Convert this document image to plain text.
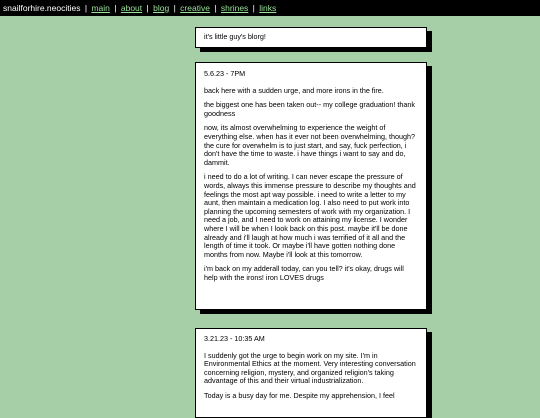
snailforhire.neocities | main | about | blog | creative | shrines | links

it's little guy's blorg!

5.6.23 - 7PM

back here with a sudden urge, and more irons in the fire.

the biggest one has been taken out-- my college graduation! thank goodness

now, its almost overwhelming to experience the weight of everything else. when has it ever not been overwhelming, though? the cure for overwhelm is to just start, and say, fuck perfection, i don't have the time to waste. i have things i want to say and do, dammit.

i need to do a lot of writing. I can never escape the pressure of words, always this immense pressure to describe my thoughts and feelings the most apt way possible. i need to write a letter to my aunt, then maintain a medication log. I also need to put work into planning the upcoming semesters of work with my organization. I need a job, and I need to work on attaining my license. I wonder where I will be when I look back on this post. maybe it'll be done already and i'll laugh at how much i was terrified of it all and the length of time it took. Or maybe i'll have gotten nothing done months from now. Maybe i'll look at this tomorrow.

i'm back on my adderall today, can you tell? it's okay, drugs will help with the irons! iron LOVES drugs

3.21.23 - 10:35 AM

I suddenly got the urge to begin work on my site. I'm in Environmental Ethics at the moment. Very interesting conversation concerning religion, mystery, and organized religion's taking advantage of this and their virtual industrialization.

Today is a busy day for me. Despite my apprehension, I feel
